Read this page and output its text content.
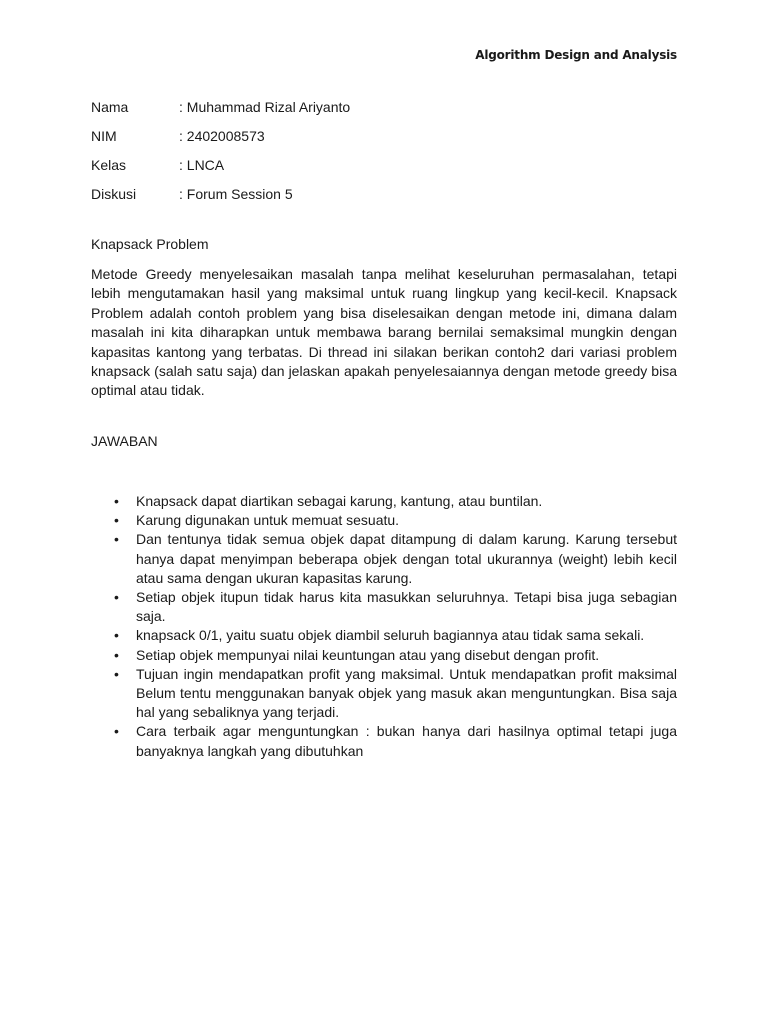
Algorithm Design and Analysis
Nama	: Muhammad Rizal Ariyanto
NIM	: 2402008573
Kelas	: LNCA
Diskusi	: Forum Session 5
Knapsack Problem

Metode Greedy menyelesaikan masalah tanpa melihat keseluruhan permasalahan, tetapi lebih mengutamakan hasil yang maksimal untuk ruang lingkup yang kecil-kecil. Knapsack Problem adalah contoh problem yang bisa diselesaikan dengan metode ini, dimana dalam masalah ini kita diharapkan untuk membawa barang bernilai semaksimal mungkin dengan kapasitas kantong yang terbatas. Di thread ini silakan berikan contoh2 dari variasi problem knapsack (salah satu saja) dan jelaskan apakah penyelesaiannya dengan metode greedy bisa optimal atau tidak.

JAWABAN
• Knapsack dapat diartikan sebagai karung, kantung, atau buntilan.
• Karung digunakan untuk memuat sesuatu.
• Dan tentunya tidak semua objek dapat ditampung di dalam karung. Karung tersebut hanya dapat menyimpan beberapa objek dengan total ukurannya (weight) lebih kecil atau sama dengan ukuran kapasitas karung.
• Setiap objek itupun tidak harus kita masukkan seluruhnya. Tetapi bisa juga sebagian saja.
• knapsack 0/1, yaitu suatu objek diambil seluruh bagiannya atau tidak sama sekali.
• Setiap objek mempunyai nilai keuntungan atau yang disebut dengan profit.
• Tujuan ingin mendapatkan profit yang maksimal. Untuk mendapatkan profit maksimal Belum tentu menggunakan banyak objek yang masuk akan menguntungkan. Bisa saja hal yang sebaliknya yang terjadi.
• Cara terbaik agar menguntungkan : bukan hanya dari hasilnya optimal tetapi juga banyaknya langkah yang dibutuhkan
